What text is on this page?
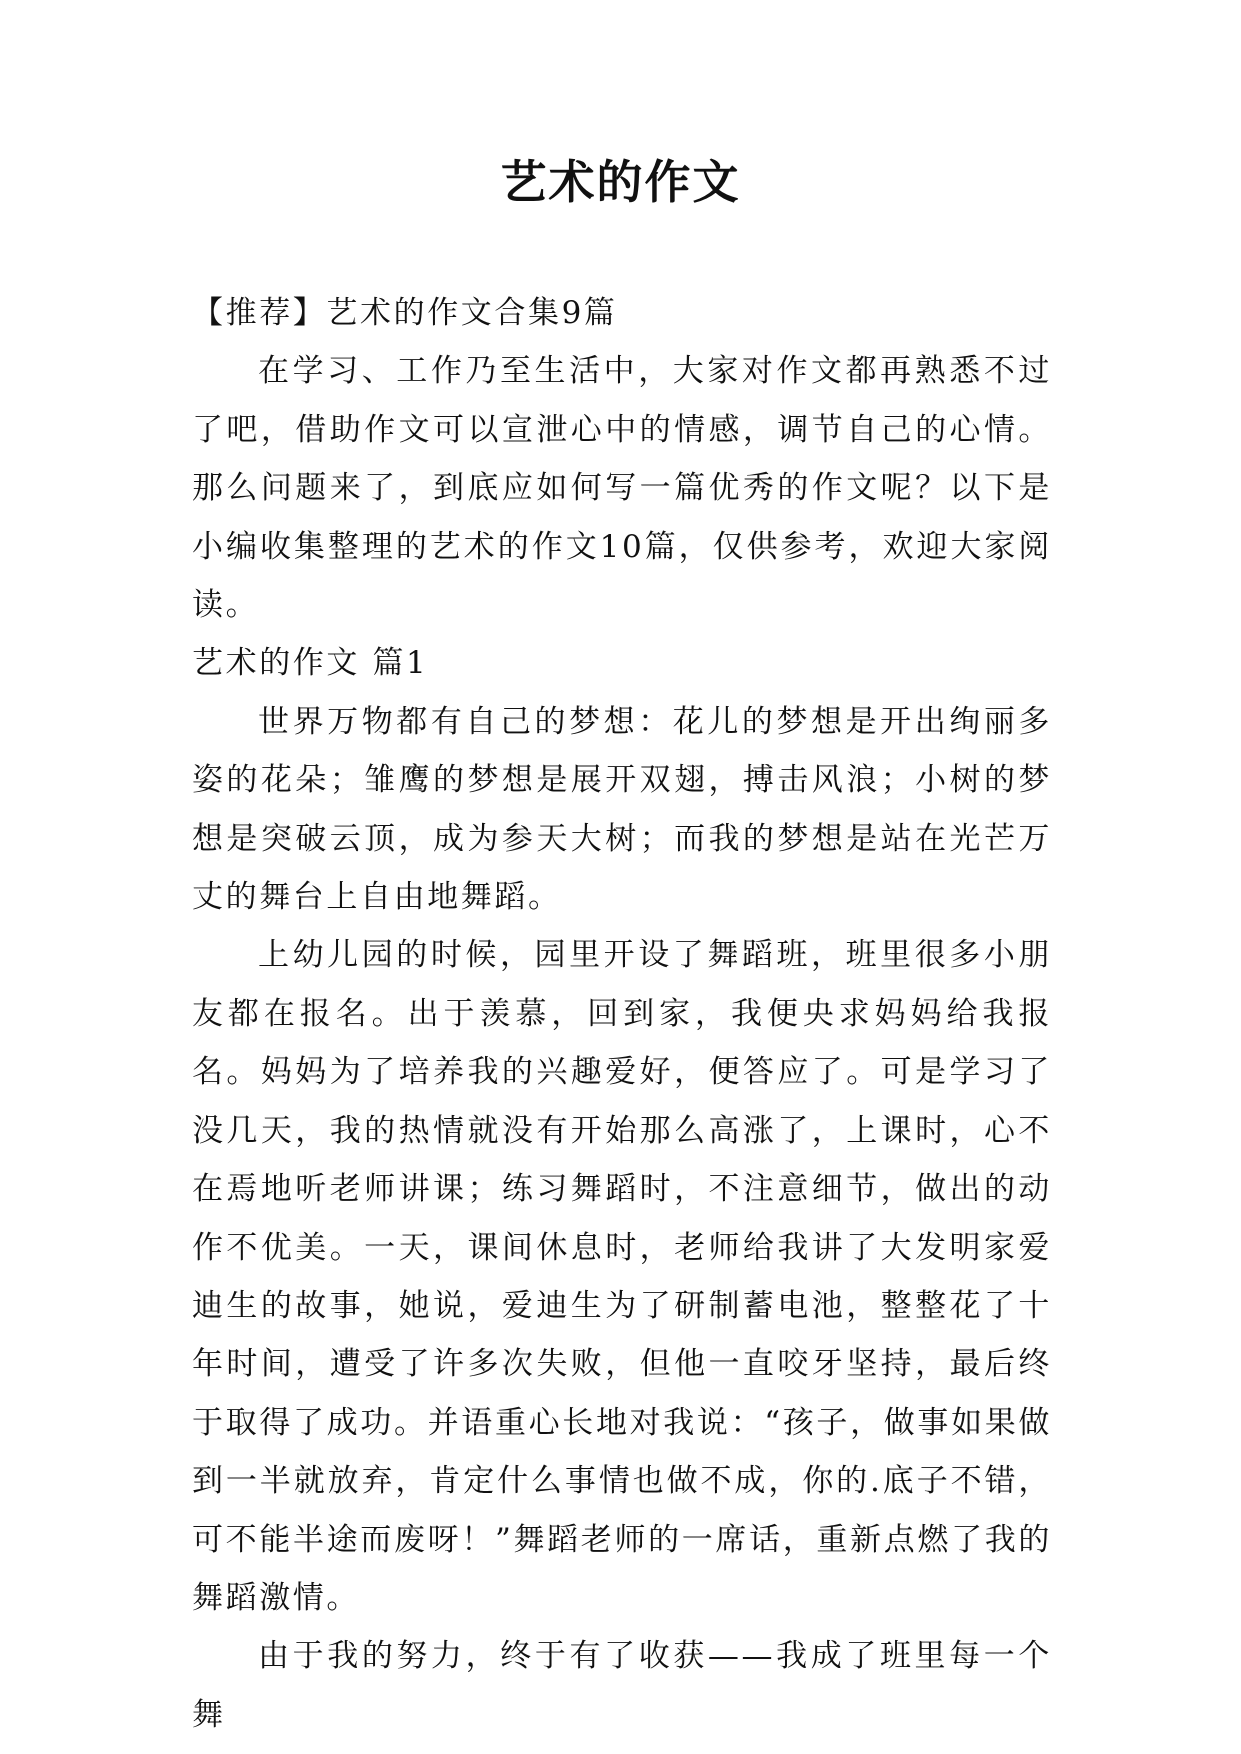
艺术的作文

【推荐】艺术的作文合集9篇

在学习、工作乃至生活中，大家对作文都再熟悉不过了吧，借助作文可以宣泄心中的情感，调节自己的心情。那么问题来了，到底应如何写一篇优秀的作文呢？以下是小编收集整理的艺术的作文10篇，仅供参考，欢迎大家阅读。

艺术的作文 篇1

世界万物都有自己的梦想：花儿的梦想是开出绚丽多姿的花朵；雏鹰的梦想是展开双翅，搏击风浪；小树的梦想是突破云顶，成为参天大树；而我的梦想是站在光芒万丈的舞台上自由地舞蹈。

上幼儿园的时候，园里开设了舞蹈班，班里很多小朋友都在报名。出于羡慕，回到家，我便央求妈妈给我报名。妈妈为了培养我的兴趣爱好，便答应了。可是学习了没几天，我的热情就没有开始那么高涨了，上课时，心不在焉地听老师讲课；练习舞蹈时，不注意细节，做出的动作不优美。一天，课间休息时，老师给我讲了大发明家爱迪生的故事，她说，爱迪生为了研制蓄电池，整整花了十年时间，遭受了许多次失败，但他一直咬牙坚持，最后终于取得了成功。并语重心长地对我说：“孩子，做事如果做到一半就放弃，肯定什么事情也做不成，你的.底子不错，可不能半途而废呀！”舞蹈老师的一席话，重新点燃了我的舞蹈激情。

由于我的努力，终于有了收获——我成了班里每一个舞
